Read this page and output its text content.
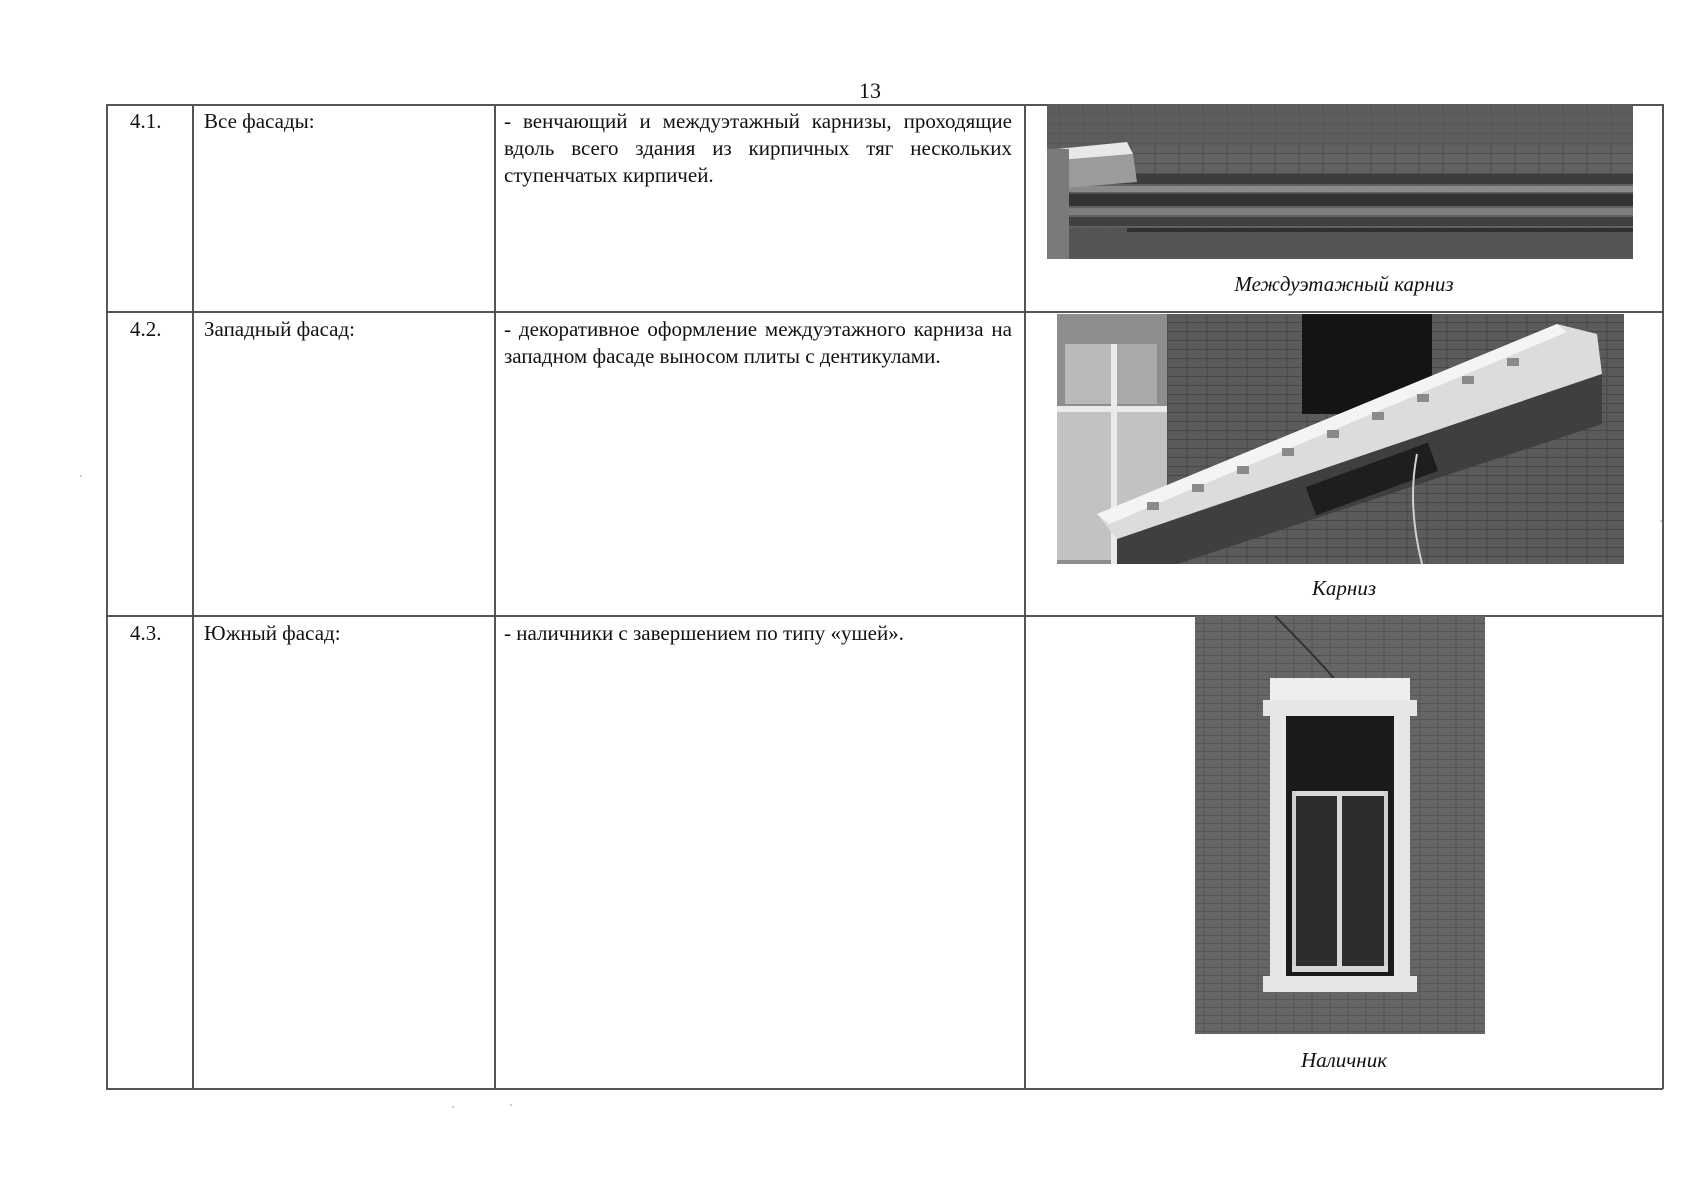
13
4.1. Все фасады:	- венчающий и междуэтажный карнизы, проходящие вдоль всего здания из кирпичных тяг нескольких ступенчатых кирпичей.
Междуэтажный карниз
4.2. Западный фасад:	- декоративное оформление междуэтажного карниза на западном фасаде выносом плиты с дентикулами.
Карниз
4.3. Южный фасад:	- наличники с завершением по типу «ушей».
Наличник
